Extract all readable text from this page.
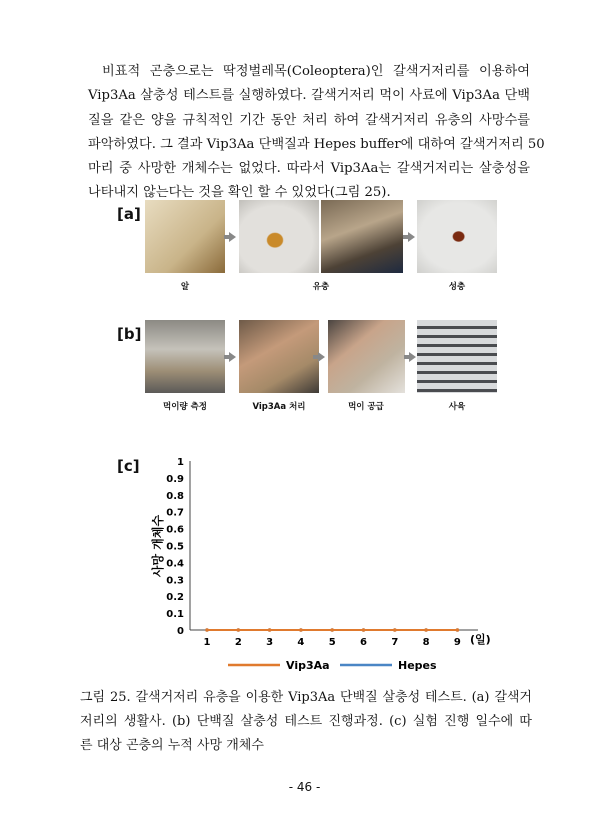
비표적 곤충으로는 딱정벌레목(Coleoptera)인 갈색거저리를 이용하여
Vip3Aa 살충성 테스트를 실행하였다. 갈색거저리 먹이 사료에 Vip3Aa 단백
질을 같은 양을 규칙적인 기간 동안 처리 하여 갈색거저리 유충의 사망수를
파악하였다. 그 결과 Vip3Aa 단백질과 Hepes buffer에 대하여 갈색거저리 50
마리 중 사망한 개체수는 없었다. 따라서 Vip3Aa는 갈색거저리는 살충성을
나타내지 않는다는 것을 확인 할 수 있었다(그림 25).
[a]
알	유충	성충
[b]
먹이량 측정	Vip3Aa 처리	먹이 공급	사육
[c]
사망 개체수
(일)
0
0.1
0.2
0.3
0.4
0.5
0.6
0.7
0.8
0.9
1
1 2 3 4 5 6 7 8 9
Vip3Aa	Hepes
그림 25. 갈색거저리 유충을 이용한 Vip3Aa 단백질 살충성 테스트. (a) 갈색거
저리의 생활사. (b) 단백질 살충성 테스트 진행과정. (c) 실험 진행 일수에 따
른 대상 곤충의 누적 사망 개체수
- 46 -
